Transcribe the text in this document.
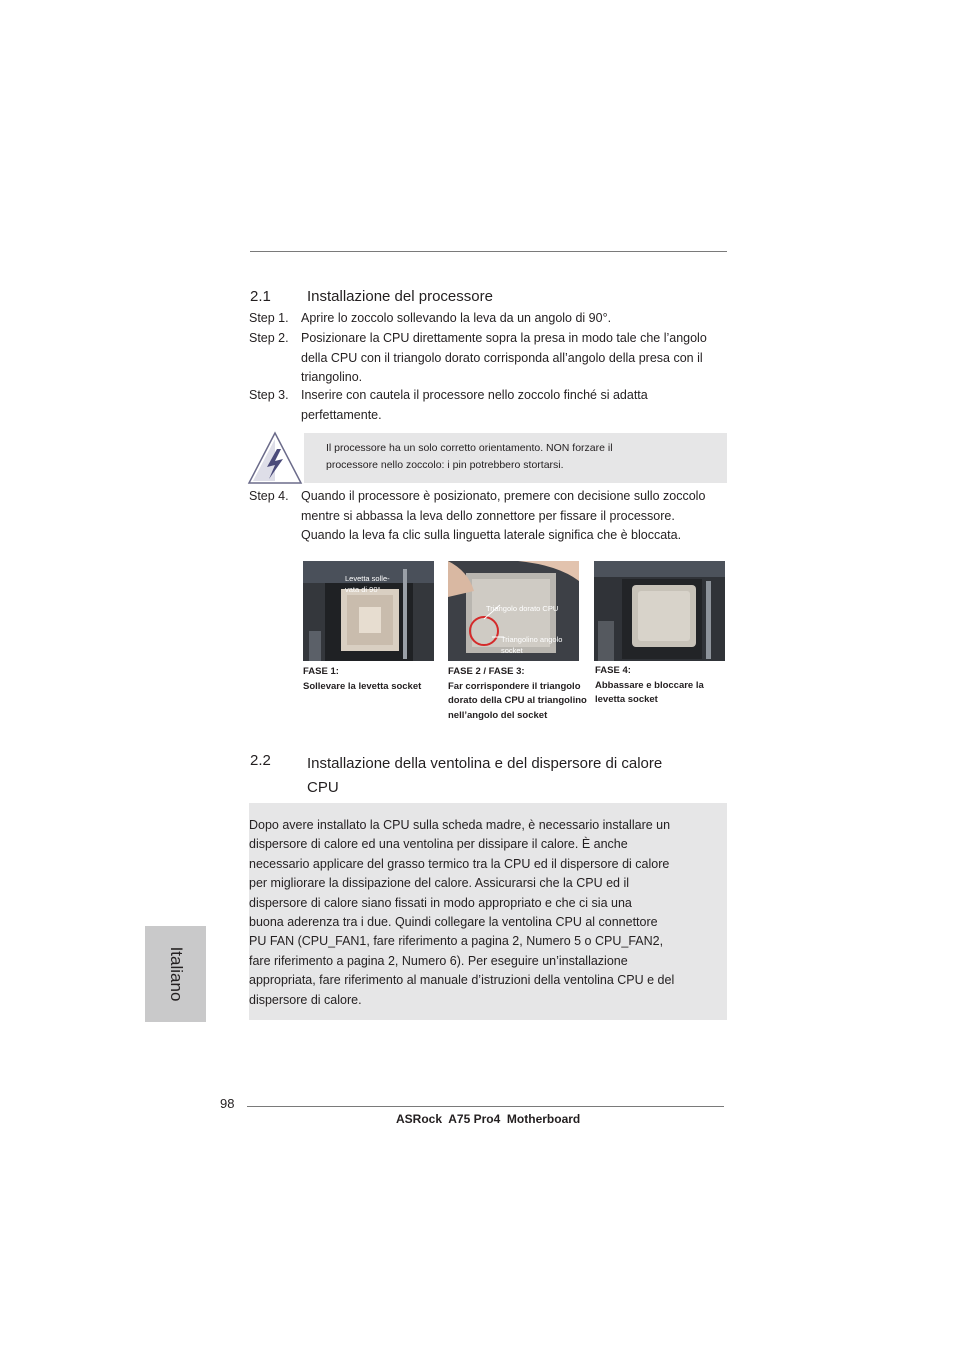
2.1 Installazione del processore
Step 1. Aprire lo zoccolo sollevando la leva da un angolo di 90°.
Step 2. Posizionare la CPU direttamente sopra la presa in modo tale che l’angolo
della CPU con il triangolo dorato corrisponda all’angolo della presa con il
triangolino.
Step 3. Inserire con cautela il processore nello zoccolo finché si adatta
perfettamente.
Il processore ha un solo corretto orientamento. NON forzare il
processore nello zoccolo: i pin potrebbero stortarsi.
Step 4. Quando il processore è posizionato, premere con decisione sullo zoccolo
mentre si abbassa la leva dello zonnettore per fissare il processore.
Quando la leva fa clic sulla linguetta laterale significa che è bloccata.
Levetta solle-
vata di 90°
Triangolo dorato CPU
Triangolino angolo
socket
FASE 1:
Sollevare la levetta socket
FASE 2 / FASE 3:
Far corrispondere il triangolo
dorato della CPU al triangolino
nell’angolo del socket
FASE 4:
Abbassare e bloccare la
levetta socket
2.2 Installazione della ventolina e del dispersore di calore
CPU
Dopo avere installato la CPU sulla scheda madre, è necessario installare un
dispersore di calore ed una ventolina per dissipare il calore. È anche
necessario applicare del grasso termico tra la CPU ed il dispersore di calore
per migliorare la dissipazione del calore. Assicurarsi che la CPU ed il
dispersore di calore siano fissati in modo appropriato e che ci sia una
buona aderenza tra i due. Quindi collegare la ventolina CPU al connettore
PU FAN (CPU_FAN1, fare riferimento a pagina 2, Numero 5 o CPU_FAN2,
fare riferimento a pagina 2, Numero 6). Per eseguire un’installazione
appropriata, fare riferimento al manuale d’istruzioni della ventolina CPU e del
dispersore di calore.
Italiano
98
ASRock  A75 Pro4  Motherboard
